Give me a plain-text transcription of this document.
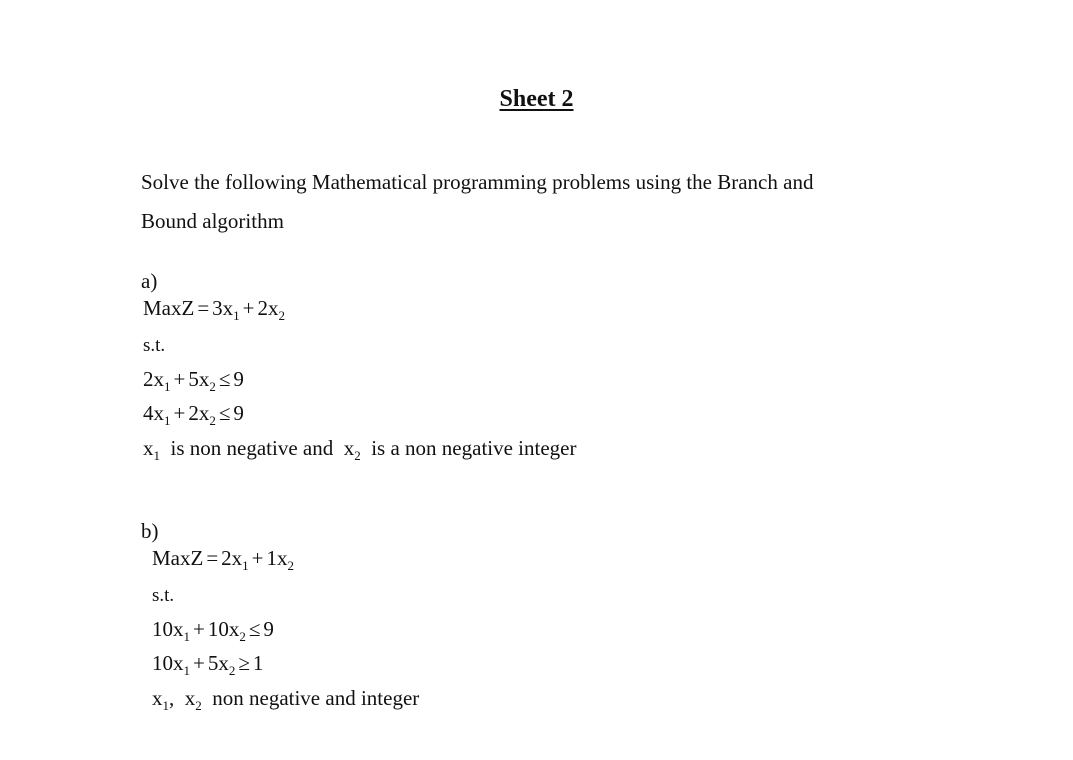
Sheet 2
Solve the following Mathematical programming problems using the Branch and
Bound algorithm
a)
MaxZ = $3x_1 + 2x_2$
s.t.
$2x_1 + 5x_2 \le 9$
$4x_1 + 2x_2 \le 9$
$x_1$ is non negative and $x_2$ is a non negative integer
b)
MaxZ = $2x_1 + 1x_2$
s.t.
$10x_1 + 10x_2 \le 9$
$10x_1 + 5x_2 \ge 1$
$x_1$, $x_2$ non negative and integer
